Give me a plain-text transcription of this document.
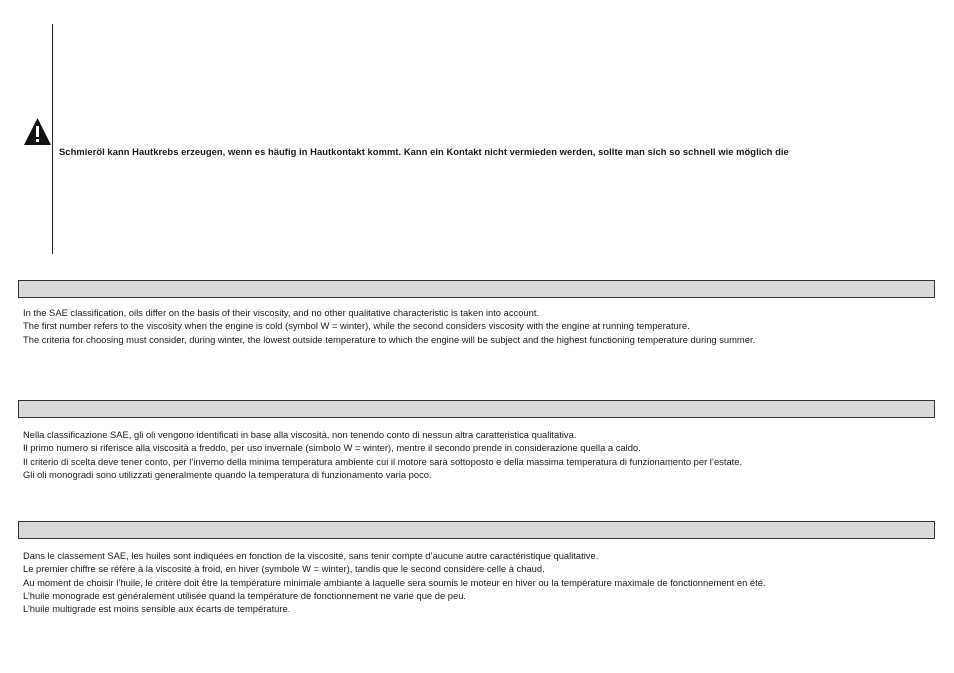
Schmieröl kann Hautkrebs erzeugen, wenn es häufig in Hautkontakt kommt. Kann ein Kontakt nicht vermieden werden, sollte man sich so schnell wie möglich die

In the SAE classification, oils differ on the basis of their viscosity, and no other qualitative characteristic is taken into account.

The first number refers to the viscosity when the engine is cold (symbol W = winter), while the second considers viscosity with the engine at running temperature.

The criteria for choosing must consider, during winter, the lowest outside temperature to which the engine will be subject and the highest functioning temperature during summer.

Nella classificazione SAE, gli oli vengono identificati in base alla viscosità, non tenendo conto di nessun altra caratteristica qualitativa.

Il primo numero si riferisce alla viscosità a freddo, per uso invernale (simbolo W = winter), mentre il secondo prende in considerazione quella a caldo.

Il criterio di scelta deve tener conto, per l’inverno della minima temperatura ambiente cui il motore sarà sottoposto e della massima temperatura di funzionamento per l’estate.

Gli oli monogradi sono utilizzati generalmente quando la temperatura di funzionamento varia poco.

Dans le classement SAE, les huiles sont indiquées en fonction de la viscosité, sans tenir compte d’aucune autre caractéristique qualitative.

Le premier chiffre se réfère à la viscosité à froid, en hiver (symbole W = winter), tandis que le second considère celle à chaud.

Au moment de choisir l’huile, le critère doit être la température minimale ambiante à laquelle sera soumis le moteur en hiver ou la température maximale de fonctionnement en été.

L’huile monograde est généralement utilisée quand la température de fonctionnement ne varie que de peu.

L’huile multigrade est moins sensible aux écarts de température.
